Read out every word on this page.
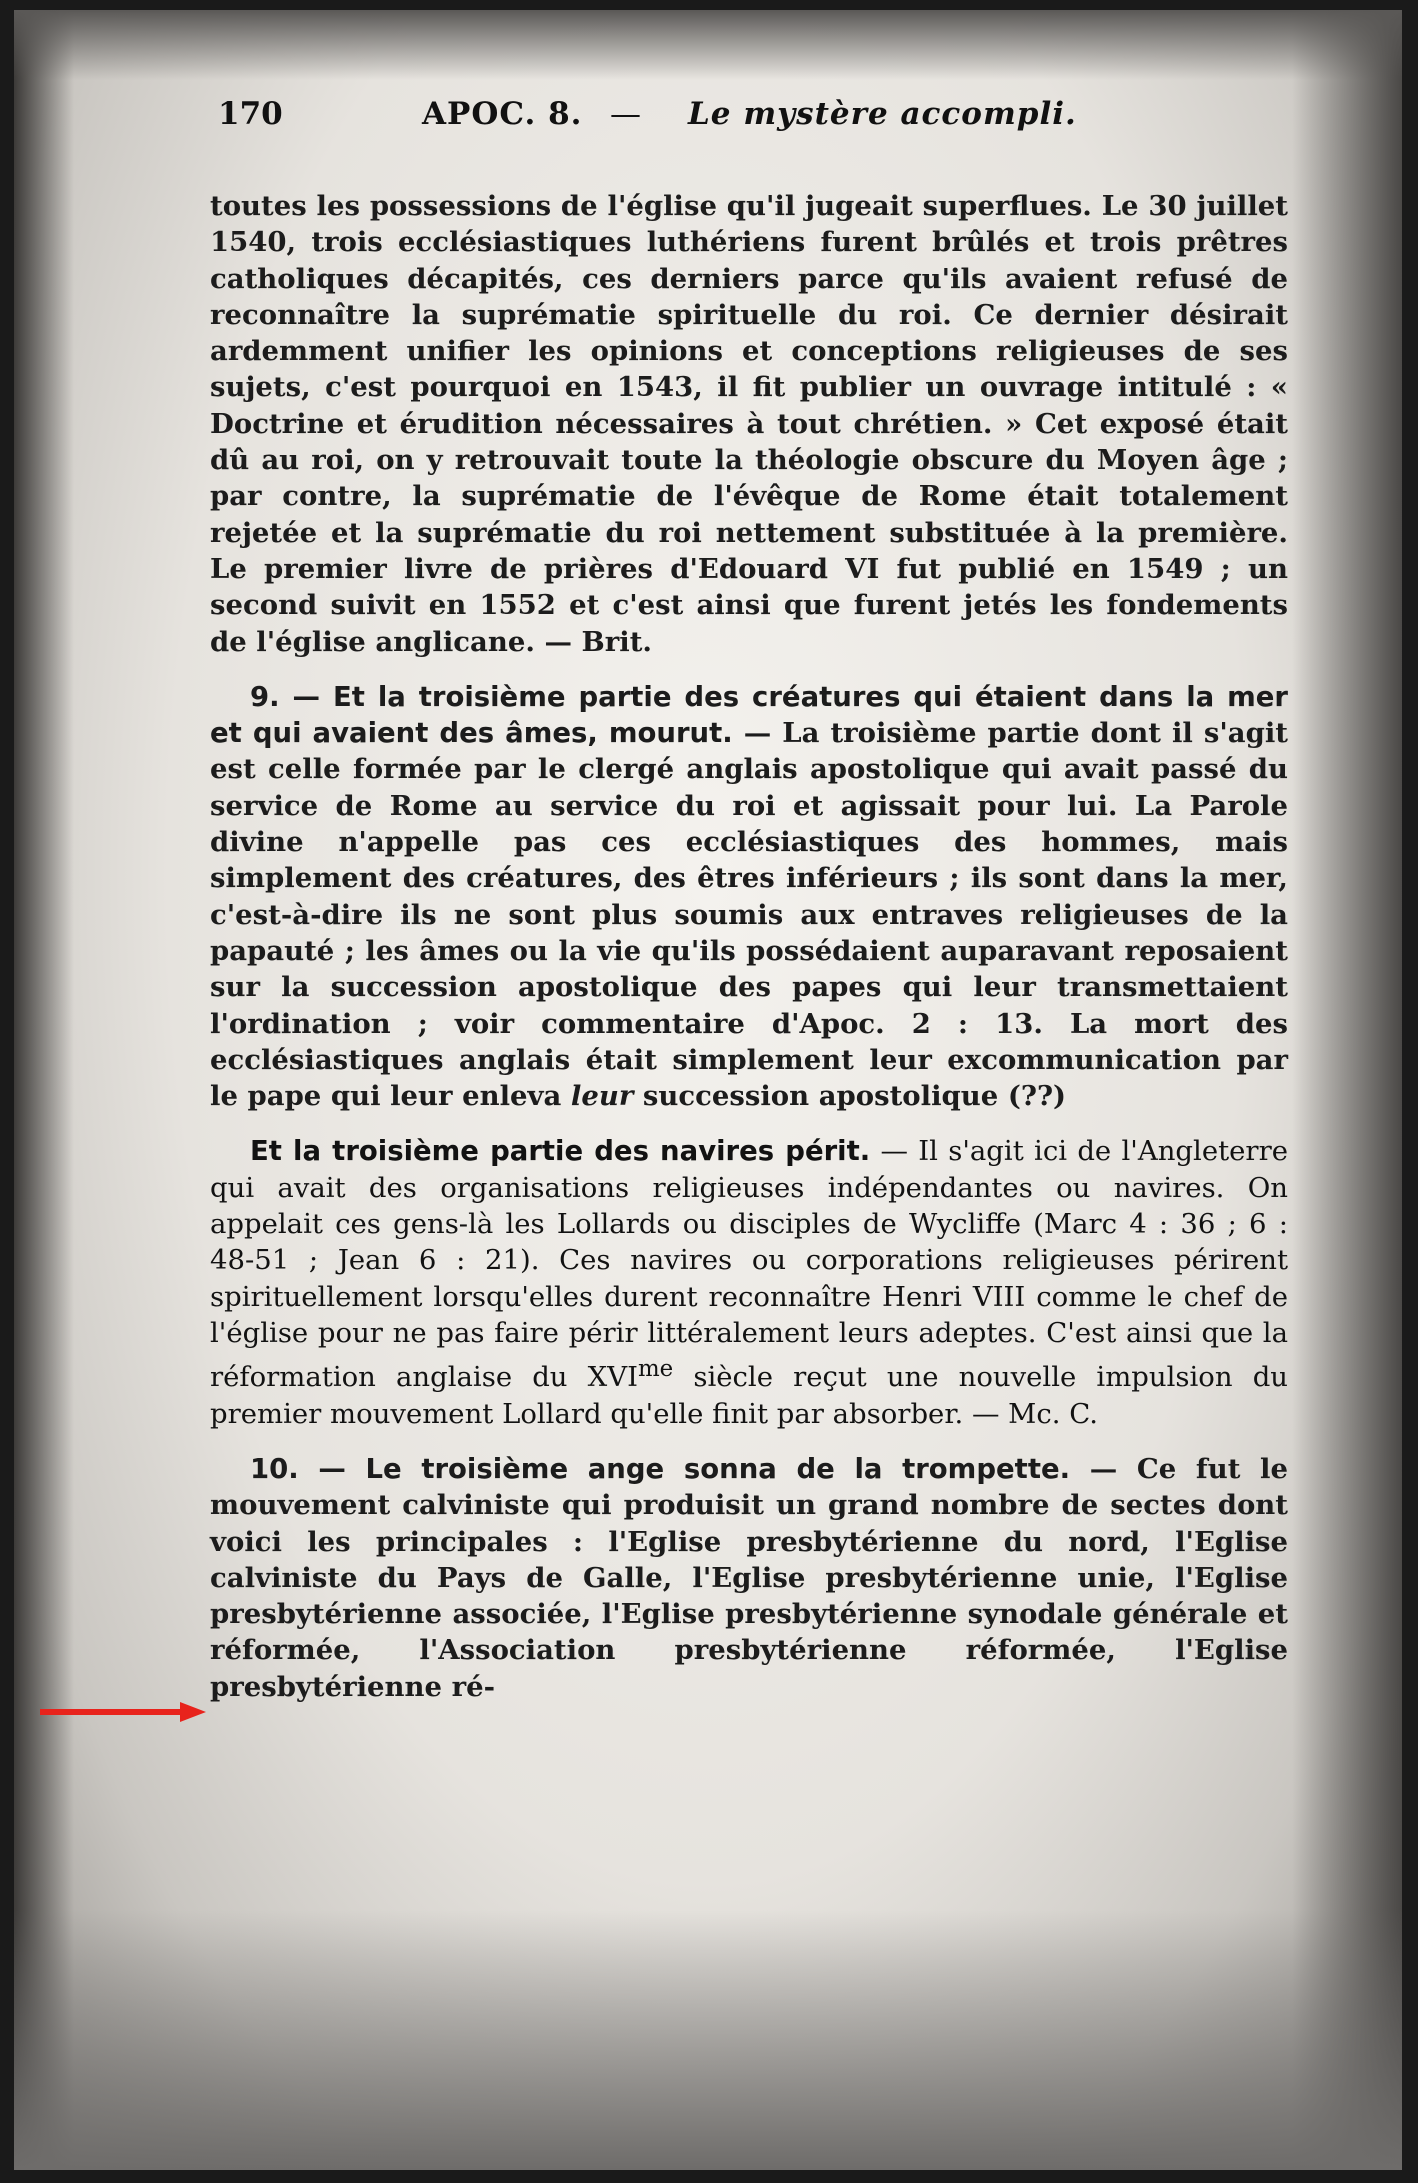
170	APOC. 8. — Le mystère accompli.

toutes les possessions de l'église qu'il jugeait superflues. Le 30 juillet 1540, trois ecclésiastiques luthériens furent brûlés et trois prêtres catholiques décapités, ces derniers parce qu'ils avaient refusé de reconnaître la suprématie spirituelle du roi. Ce dernier désirait ardemment unifier les opinions et conceptions religieuses de ses sujets, c'est pourquoi en 1543, il fit publier un ouvrage intitulé : « Doctrine et érudition nécessaires à tout chrétien. » Cet exposé était dû au roi, on y retrouvait toute la théologie obscure du Moyen âge ; par contre, la suprématie de l'évêque de Rome était totalement rejetée et la suprématie du roi nettement substituée à la première. Le premier livre de prières d'Edouard VI fut publié en 1549 ; un second suivit en 1552 et c'est ainsi que furent jetés les fondements de l'église anglicane. — Brit.

9. — Et la troisième partie des créatures qui étaient dans la mer et qui avaient des âmes, mourut. — La troisième partie dont il s'agit est celle formée par le clergé anglais apostolique qui avait passé du service de Rome au service du roi et agissait pour lui. La Parole divine n'appelle pas ces ecclésiastiques des hommes, mais simplement des créatures, des êtres inférieurs ; ils sont dans la mer, c'est-à-dire ils ne sont plus soumis aux entraves religieuses de la papauté ; les âmes ou la vie qu'ils possédaient auparavant reposaient sur la succession apostolique des papes qui leur transmettaient l'ordination ; voir commentaire d'Apoc. 2 : 13. La mort des ecclésiastiques anglais était simplement leur excommunication par le pape qui leur enleva leur succession apostolique (??)

Et la troisième partie des navires périt. — Il s'agit ici de l'Angleterre qui avait des organisations religieuses indépendantes ou navires. On appelait ces gens-là les Lollards ou disciples de Wycliffe (Marc 4 : 36 ; 6 : 48-51 ; Jean 6 : 21). Ces navires ou corporations religieuses périrent spirituellement lorsqu'elles durent reconnaître Henri VIII comme le chef de l'église pour ne pas faire périr littéralement leurs adeptes. C'est ainsi que la réformation anglaise du $XVI^{me}$ siècle reçut une nouvelle impulsion du premier mouvement Lollard qu'elle finit par absorber. — Mc. C.

10. — Le troisième ange sonna de la trompette. — Ce fut le mouvement calviniste qui produisit un grand nombre de sectes dont voici les principales : l'Eglise presbytérienne du nord, l'Eglise calviniste du Pays de Galle, l'Eglise presbytérienne unie, l'Eglise presbytérienne associée, l'Eglise presbytérienne synodale générale et réformée, l'Association presbytérienne réformée, l'Eglise presbytérienne ré-
